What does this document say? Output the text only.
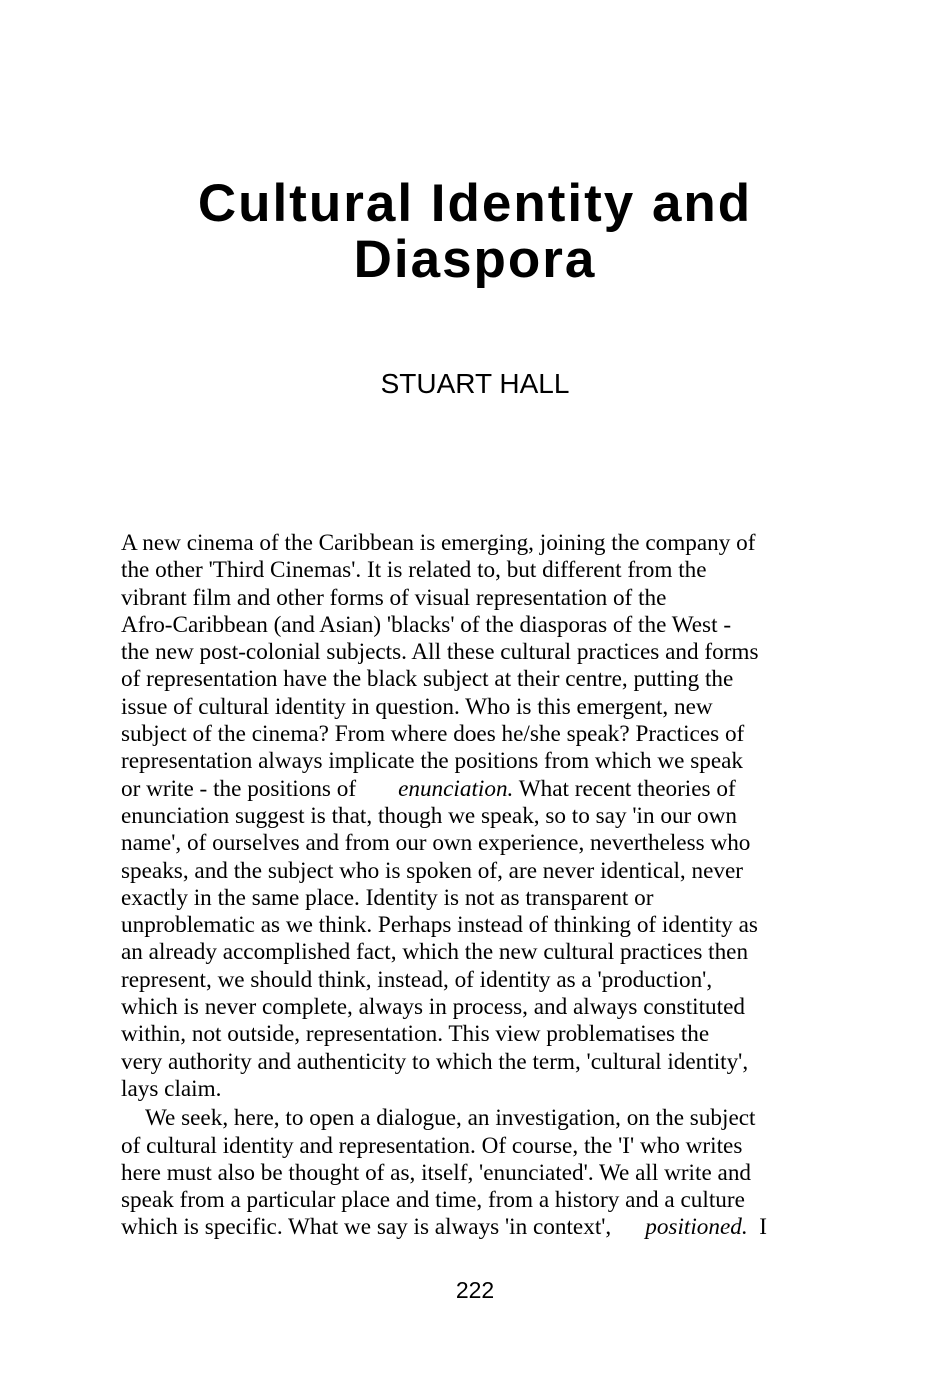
Cultural Identity and
Diaspora
STUART HALL
A new cinema of the Caribbean is emerging, joining the company of
the other 'Third Cinemas'. It is related to, but different from the
vibrant film and other forms of visual representation of the
Afro-Caribbean (and Asian) 'blacks' of the diasporas of the West -
the new post-colonial subjects. All these cultural practices and forms
of representation have the black subject at their centre, putting the
issue of cultural identity in question. Who is this emergent, new
subject of the cinema? From where does he/she speak? Practices of
representation always implicate the positions from which we speak
or write - the positions of enunciation. What recent theories of
enunciation suggest is that, though we speak, so to say 'in our own
name', of ourselves and from our own experience, nevertheless who
speaks, and the subject who is spoken of, are never identical, never
exactly in the same place. Identity is not as transparent or
unproblematic as we think. Perhaps instead of thinking of identity as
an already accomplished fact, which the new cultural practices then
represent, we should think, instead, of identity as a 'production',
which is never complete, always in process, and always constituted
within, not outside, representation. This view problematises the
very authority and authenticity to which the term, 'cultural identity',
lays claim.
We seek, here, to open a dialogue, an investigation, on the subject
of cultural identity and representation. Of course, the 'I' who writes
here must also be thought of as, itself, 'enunciated'. We all write and
speak from a particular place and time, from a history and a culture
which is specific. What we say is always 'in context', positioned.  I
222
